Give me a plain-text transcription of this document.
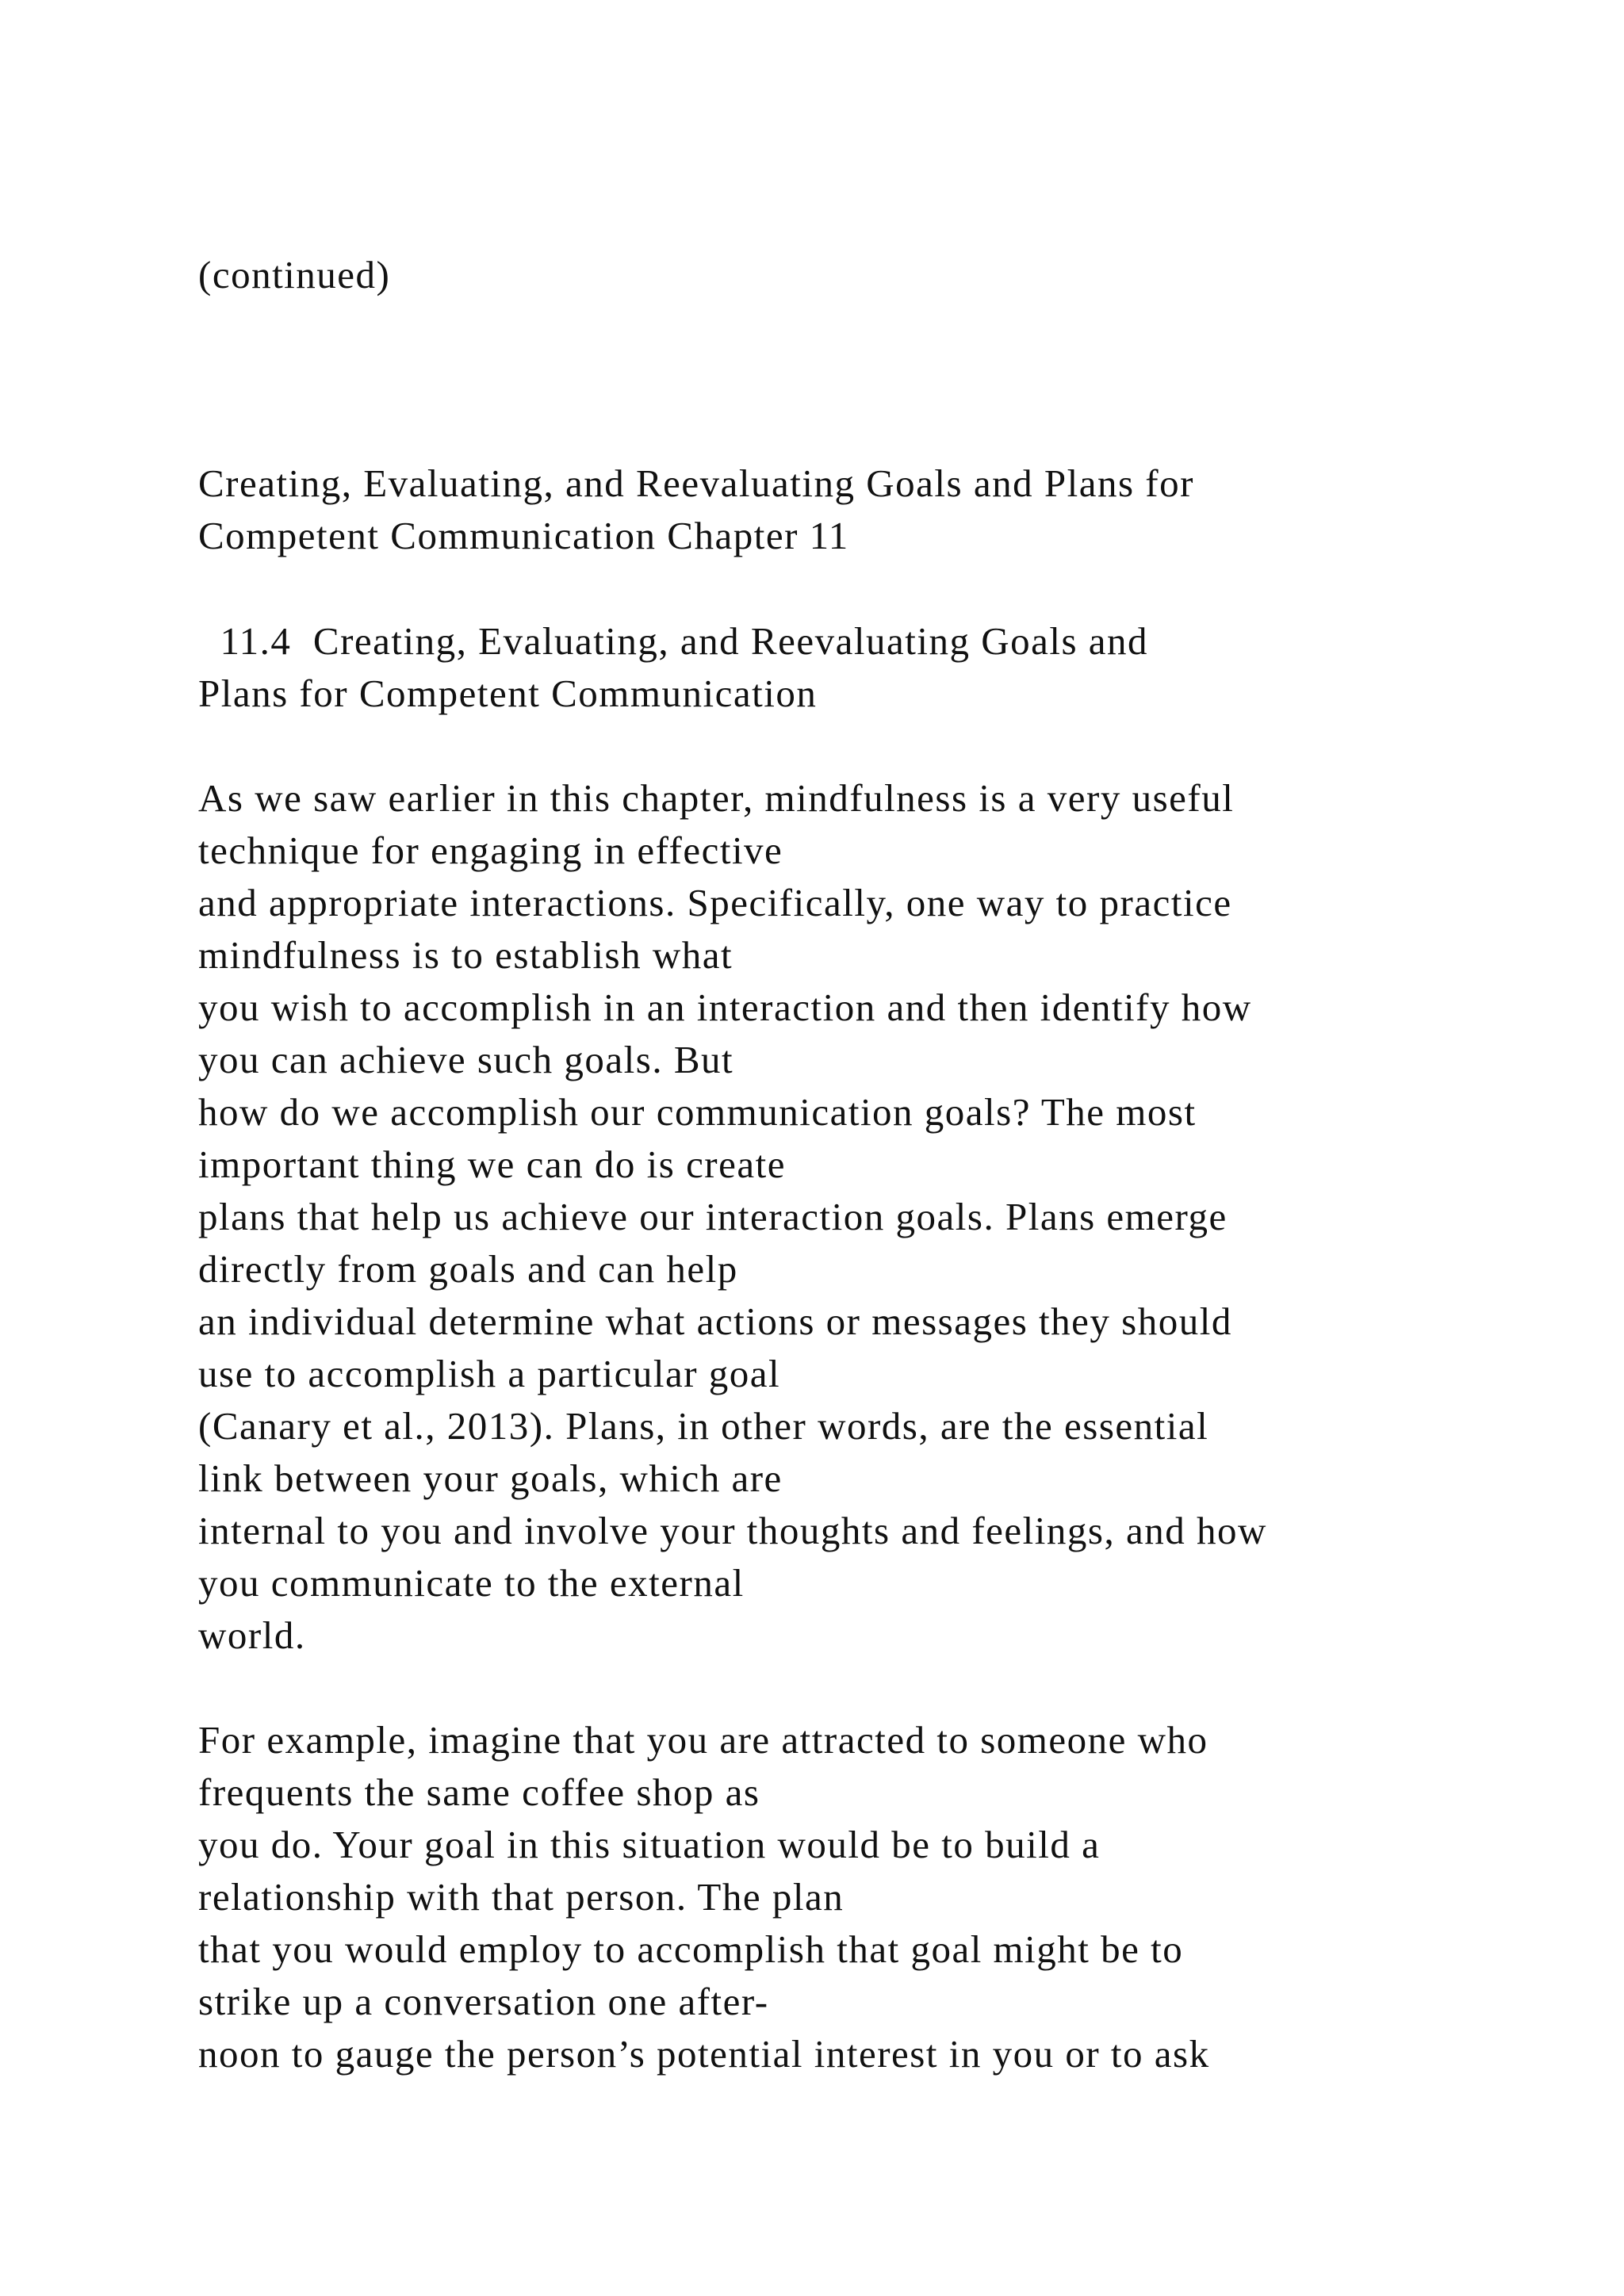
(continued)
Creating, Evaluating, and Reevaluating Goals and Plans for
Competent Communication Chapter 11
11.4  Creating, Evaluating, and Reevaluating Goals and
Plans for Competent Communication
As we saw earlier in this chapter, mindfulness is a very useful
technique for engaging in effective
and appropriate interactions. Specifically, one way to practice
mindfulness is to establish what
you wish to accomplish in an interaction and then identify how
you can achieve such goals. But
how do we accomplish our communication goals? The most
important thing we can do is create
plans that help us achieve our interaction goals. Plans emerge
directly from goals and can help
an individual determine what actions or messages they should
use to accomplish a particular goal
(Canary et al., 2013). Plans, in other words, are the essential
link between your goals, which are
internal to you and involve your thoughts and feelings, and how
you communicate to the external
world.
For example, imagine that you are attracted to someone who
frequents the same coffee shop as
you do. Your goal in this situation would be to build a
relationship with that person. The plan
that you would employ to accomplish that goal might be to
strike up a conversation one after-
noon to gauge the person’s potential interest in you or to ask
